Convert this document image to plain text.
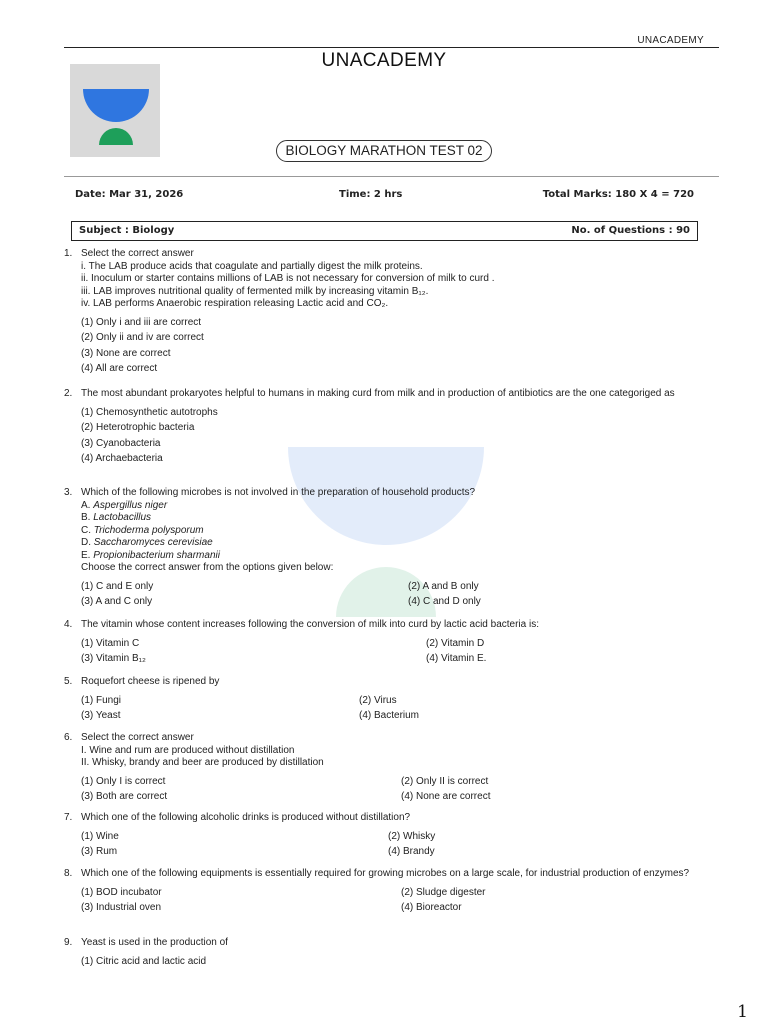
UNACADEMY
UNACADEMY
BIOLOGY MARATHON TEST 02
Date: Mar 31, 2026	Time: 2 hrs	Total Marks: 180 X 4 = 720
Subject : Biology	No. of Questions : 90
1. Select the correct answer
i. The LAB produce acids that coagulate and partially digest the milk proteins.
ii. Inoculum or starter contains millions of LAB is not necessary for conversion of milk to curd .
iii. LAB improves nutritional quality of fermented milk by increasing vitamin B₁₂.
iv. LAB performs Anaerobic respiration releasing Lactic acid and CO₂.
(1) Only i and iii are correct
(2) Only ii and iv are correct
(3) None are correct
(4) All are correct
2. The most abundant prokaryotes helpful to humans in making curd from milk and in production of antibiotics are the one categoriged as
(1) Chemosynthetic autotrophs
(2) Heterotrophic bacteria
(3) Cyanobacteria
(4) Archaebacteria
3. Which of the following microbes is not involved in the preparation of household products?
A. Aspergillus niger
B. Lactobacillus
C. Trichoderma polysporum
D. Saccharomyces cerevisiae
E. Propionibacterium sharmanii
Choose the correct answer from the options given below:
(1) C and E only	(2) A and B only
(3) A and C only	(4) C and D only
4. The vitamin whose content increases following the conversion of milk into curd by lactic acid bacteria is:
(1) Vitamin C	(2) Vitamin D
(3) Vitamin B₁₂	(4) Vitamin E.
5. Roquefort cheese is ripened by
(1) Fungi	(2) Virus
(3) Yeast	(4) Bacterium
6. Select the correct answer
I. Wine and rum are produced without distillation
II. Whisky, brandy and beer are produced by distillation
(1) Only I is correct	(2) Only II is correct
(3) Both are correct	(4) None are correct
7. Which one of the following alcoholic drinks is produced without distillation?
(1) Wine	(2) Whisky
(3) Rum	(4) Brandy
8. Which one of the following equipments is essentially required for growing microbes on a large scale, for industrial production of enzymes?
(1) BOD incubator	(2) Sludge digester
(3) Industrial oven	(4) Bioreactor
9. Yeast is used in the production of
(1) Citric acid and lactic acid
1
